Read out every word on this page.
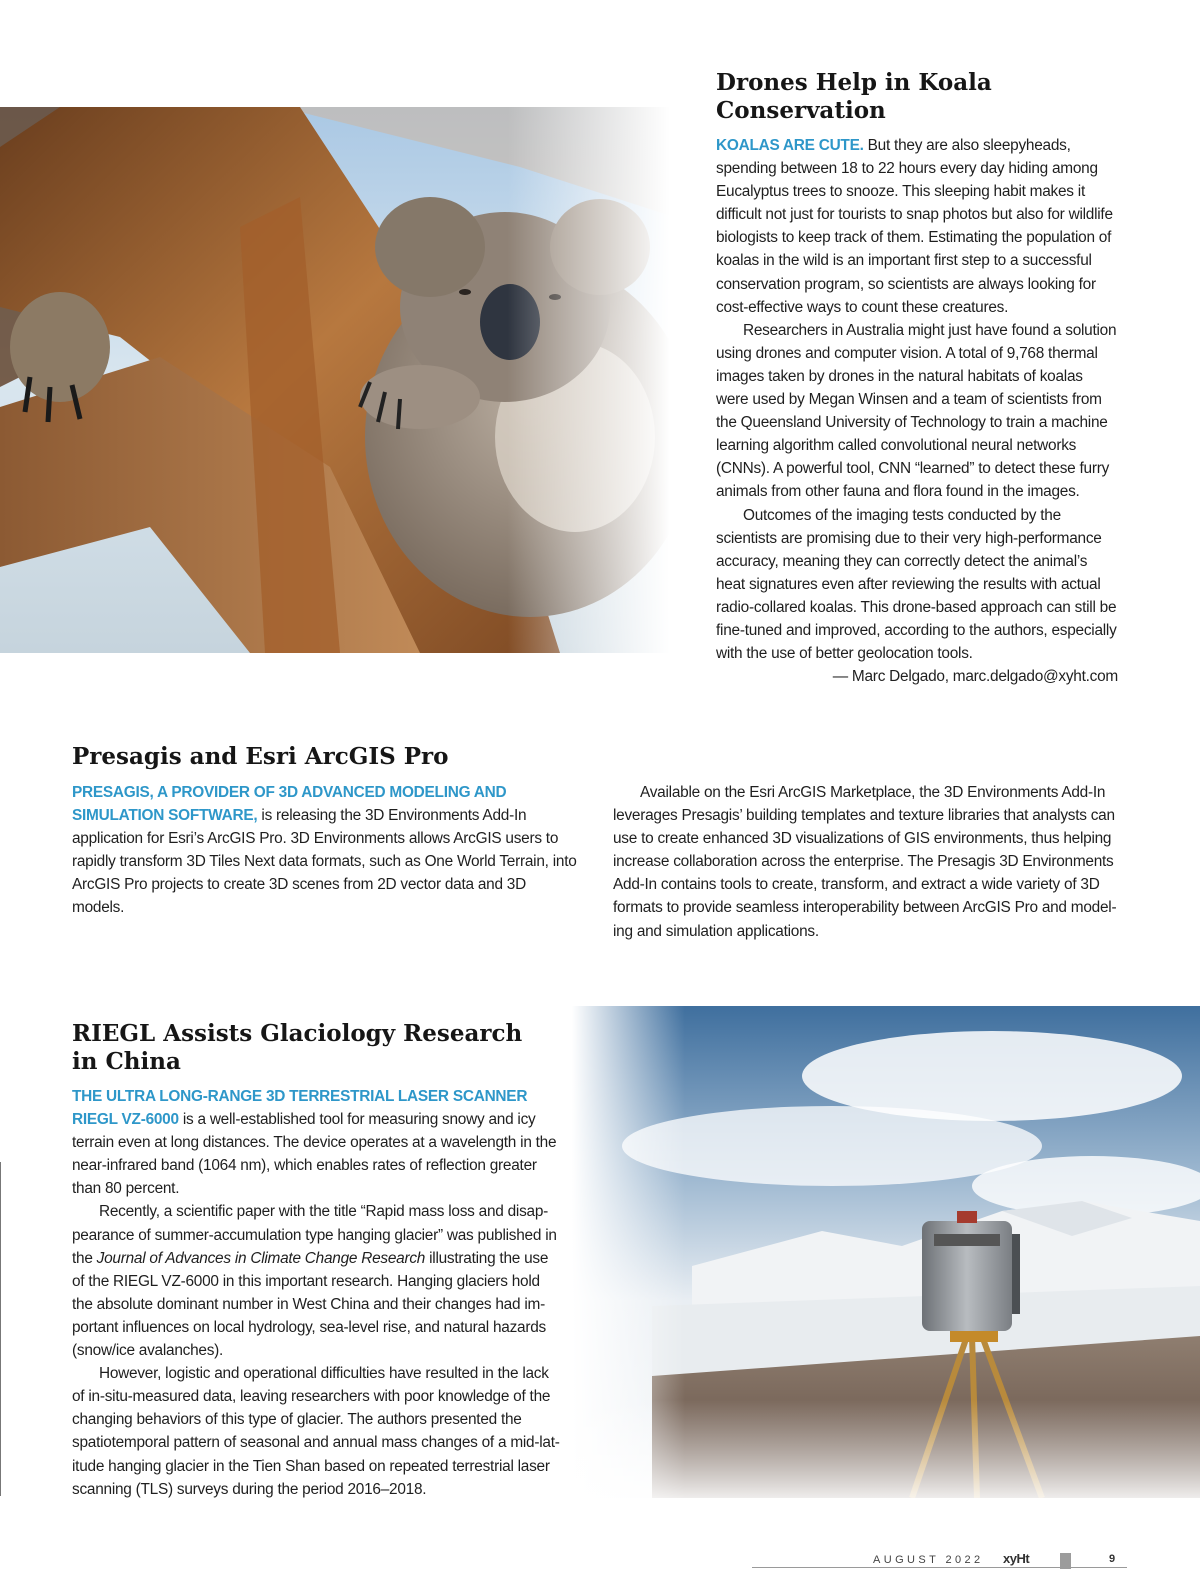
Drones Help in Koala
Conservation

KOALAS ARE CUTE. But they are also sleepyheads, spending between 18 to 22 hours every day hiding among Eucalyptus trees to snooze. This sleeping habit makes it difficult not just for tourists to snap photos but also for wildlife biologists to keep track of them. Estimating the population of koalas in the wild is an important first step to a successful conservation program, so scientists are always looking for cost-effective ways to count these creatures.

Researchers in Australia might just have found a solution using drones and computer vision. A total of 9,768 thermal images taken by drones in the natural habitats of koalas were used by Megan Winsen and a team of scientists from the Queensland University of Technology to train a machine learning algorithm called convolutional neural networks (CNNs). A powerful tool, CNN “learned” to detect these furry animals from other fauna and flora found in the images.

Outcomes of the imaging tests conducted by the scientists are promising due to their very high-performance accuracy, meaning they can correctly detect the animal’s heat signatures even after reviewing the results with actual radio-collared koalas. This drone-based approach can still be fine-tuned and improved, according to the authors, especially with the use of better geolocation tools.

— Marc Delgado, marc.delgado@xyht.com

Presagis and Esri ArcGIS Pro

PRESAGIS, A PROVIDER OF 3D ADVANCED MODELING AND SIMULATION SOFTWARE, is releasing the 3D Environments Add-In application for Esri’s ArcGIS Pro. 3D Environments allows ArcGIS users to rapidly transform 3D Tiles Next data formats, such as One World Terrain, into ArcGIS Pro projects to create 3D scenes from 2D vector data and 3D models.

Available on the Esri ArcGIS Marketplace, the 3D Environments Add-In leverages Presagis’ building templates and texture libraries that analysts can use to create enhanced 3D visualizations of GIS environments, thus helping increase collaboration across the enterprise. The Presagis 3D Environments Add-In contains tools to create, transform, and extract a wide variety of 3D formats to provide seamless interoperability between ArcGIS Pro and modeling and simulation applications.

RIEGL Assists Glaciology Research
in China

THE ULTRA LONG-RANGE 3D TERRESTRIAL LASER SCANNER RIEGL VZ-6000 is a well-established tool for measuring snowy and icy terrain even at long distances. The device operates at a wavelength in the near-infrared band (1064 nm), which enables rates of reflection greater than 80 percent.

Recently, a scientific paper with the title “Rapid mass loss and disappearance of summer-accumulation type hanging glacier” was published in the Journal of Advances in Climate Change Research illustrating the use of the RIEGL VZ-6000 in this important research. Hanging glaciers hold the absolute dominant number in West China and their changes had important influences on local hydrology, sea-level rise, and natural hazards (snow/ice avalanches).

However, logistic and operational difficulties have resulted in the lack of in-situ-measured data, leaving researchers with poor knowledge of the changing behaviors of this type of glacier. The authors presented the spatiotemporal pattern of seasonal and annual mass changes of a mid-latitude hanging glacier in the Tien Shan based on repeated terrestrial laser scanning (TLS) surveys during the period 2016–2018.

AUGUST 2022 xyHt	9
